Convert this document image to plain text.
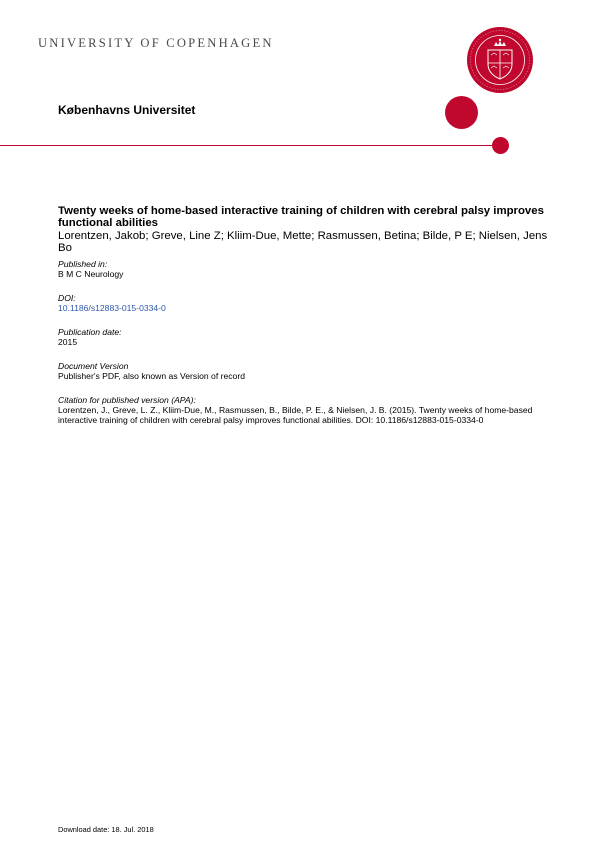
UNIVERSITY OF COPENHAGEN
Københavns Universitet
Twenty weeks of home-based interactive training of children with cerebral palsy improves functional abilities
Lorentzen, Jakob; Greve, Line Z; Kliim-Due, Mette; Rasmussen, Betina; Bilde, P E; Nielsen, Jens Bo
Published in:
B M C Neurology
DOI:
10.1186/s12883-015-0334-0
Publication date:
2015
Document Version
Publisher's PDF, also known as Version of record
Citation for published version (APA):
Lorentzen, J., Greve, L. Z., Kliim-Due, M., Rasmussen, B., Bilde, P. E., & Nielsen, J. B. (2015). Twenty weeks of home-based interactive training of children with cerebral palsy improves functional abilities. DOI: 10.1186/s12883-015-0334-0
Download date: 18. Jul. 2018
